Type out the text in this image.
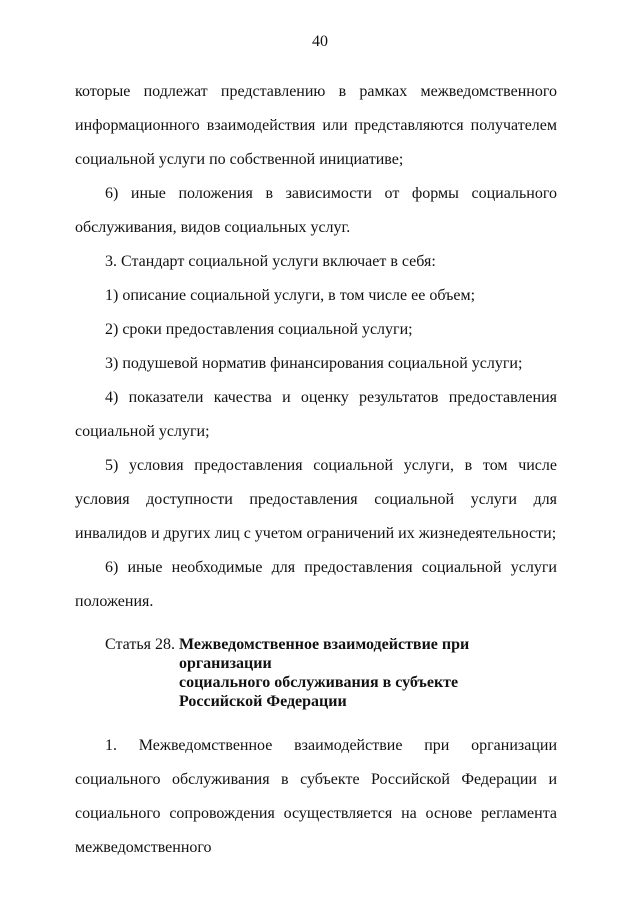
40

которые подлежат представлению в рамках межведомственного информационного взаимодействия или представляются получателем социальной услуги по собственной инициативе;

6) иные положения в зависимости от формы социального обслуживания, видов социальных услуг.

3. Стандарт социальной услуги включает в себя:

1) описание социальной услуги, в том числе ее объем;

2) сроки предоставления социальной услуги;

3) подушевой норматив финансирования социальной услуги;

4) показатели качества и оценку результатов предоставления социальной услуги;

5) условия предоставления социальной услуги, в том числе условия доступности предоставления социальной услуги для инвалидов и других лиц с учетом ограничений их жизнедеятельности;

6) иные необходимые для предоставления социальной услуги положения.

Статья 28. Межведомственное взаимодействие при организации
социального обслуживания в субъекте
Российской Федерации

1. Межведомственное взаимодействие при организации социального обслуживания в субъекте Российской Федерации и социального сопровождения осуществляется на основе регламента межведомственного
